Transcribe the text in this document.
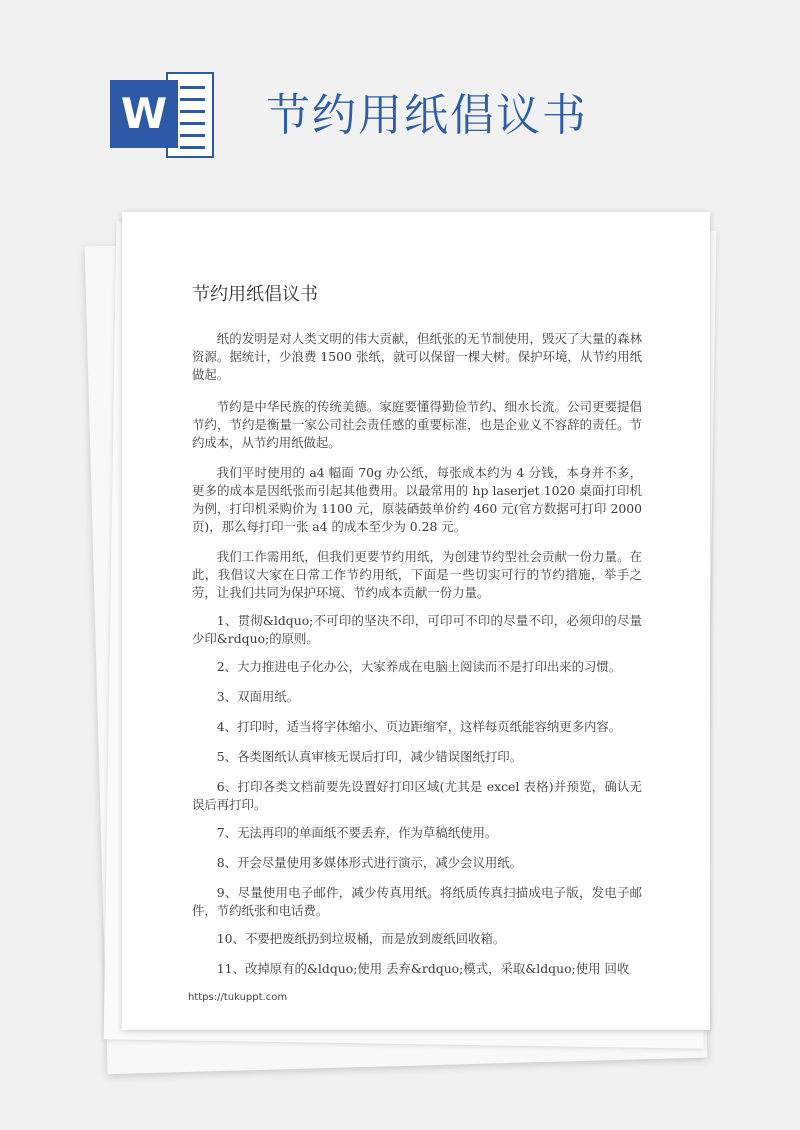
W 节约用纸倡议书
节约用纸倡议书

纸的发明是对人类文明的伟大贡献，但纸张的无节制使用，毁灭了大量的森林资源。据统计，少浪费 1500 张纸，就可以保留一棵大树。保护环境，从节约用纸做起。

节约是中华民族的传统美德。家庭要懂得勤俭节约、细水长流。公司更要提倡节约，节约是衡量一家公司社会责任感的重要标准，也是企业义不容辞的责任。节约成本，从节约用纸做起。

我们平时使用的 a4 幅面 70g 办公纸，每张成本约为 4 分钱，本身并不多，更多的成本是因纸张而引起其他费用。以最常用的 hp laserjet 1020 桌面打印机为例，打印机采购价为 1100 元，原装硒鼓单价约 460 元(官方数据可打印 2000 页)，那么每打印一张 a4 的成本至少为 0.28 元。

我们工作需用纸，但我们更要节约用纸，为创建节约型社会贡献一份力量。在此，我倡议大家在日常工作节约用纸，下面是一些切实可行的节约措施，举手之劳，让我们共同为保护环境、节约成本贡献一份力量。

1、贯彻&ldquo;不可印的坚决不印，可印可不印的尽量不印，必须印的尽量少印&rdquo;的原则。

2、大力推进电子化办公，大家养成在电脑上阅读而不是打印出来的习惯。

3、双面用纸。

4、打印时，适当将字体缩小、页边距缩窄，这样每页纸能容纳更多内容。

5、各类图纸认真审核无误后打印，减少错误图纸打印。

6、打印各类文档前要先设置好打印区域(尤其是 excel 表格)并预览，确认无误后再打印。

7、无法再印的单面纸不要丢弃，作为草稿纸使用。

8、开会尽量使用多媒体形式进行演示，减少会议用纸。

9、尽量使用电子邮件，减少传真用纸。将纸质传真扫描成电子版，发电子邮件，节约纸张和电话费。

10、不要把废纸扔到垃圾桶，而是放到废纸回收箱。

11、改掉原有的&ldquo;使用 丢弃&rdquo;模式，采取&ldquo;使用 回收

https://tukuppt.com
